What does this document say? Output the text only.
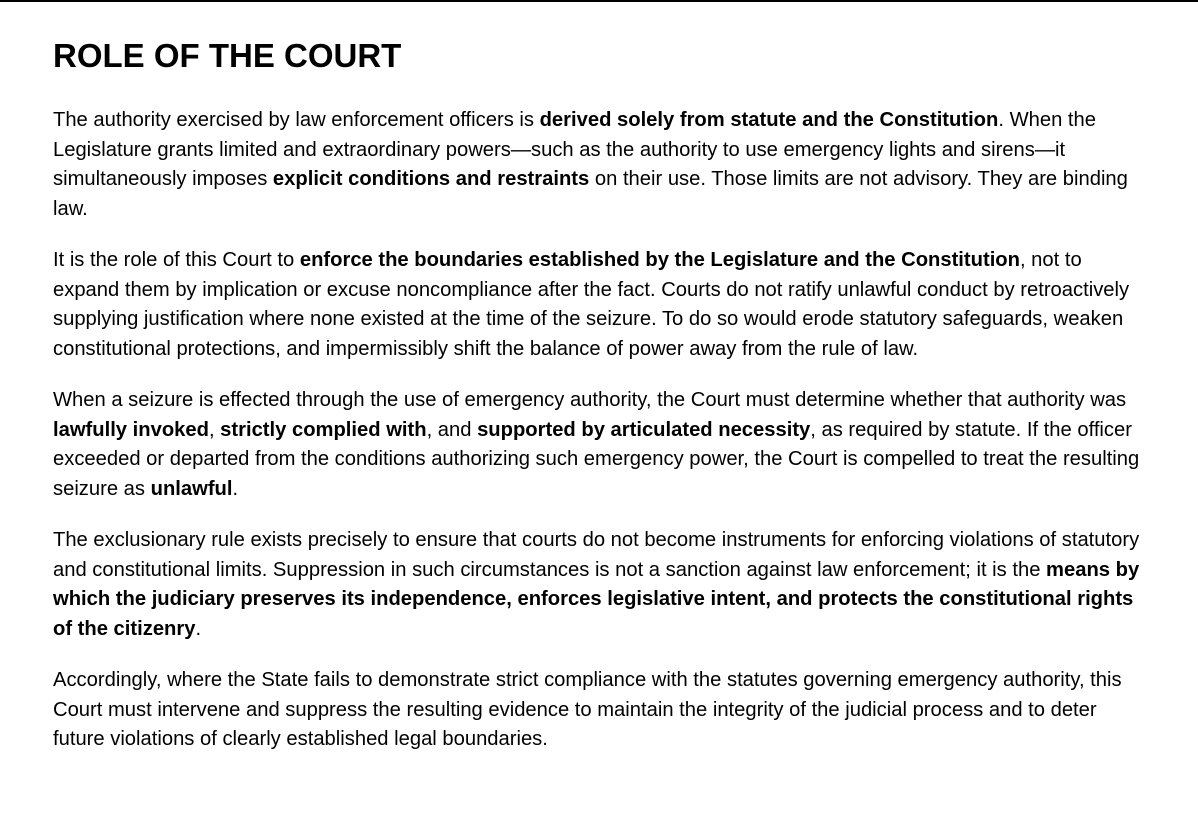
ROLE OF THE COURT

The authority exercised by law enforcement officers is derived solely from statute and the Constitution. When the Legislature grants limited and extraordinary powers—such as the authority to use emergency lights and sirens—it simultaneously imposes explicit conditions and restraints on their use. Those limits are not advisory. They are binding law.

It is the role of this Court to enforce the boundaries established by the Legislature and the Constitution, not to expand them by implication or excuse noncompliance after the fact. Courts do not ratify unlawful conduct by retroactively supplying justification where none existed at the time of the seizure. To do so would erode statutory safeguards, weaken constitutional protections, and impermissibly shift the balance of power away from the rule of law.

When a seizure is effected through the use of emergency authority, the Court must determine whether that authority was lawfully invoked, strictly complied with, and supported by articulated necessity, as required by statute. If the officer exceeded or departed from the conditions authorizing such emergency power, the Court is compelled to treat the resulting seizure as unlawful.

The exclusionary rule exists precisely to ensure that courts do not become instruments for enforcing violations of statutory and constitutional limits. Suppression in such circumstances is not a sanction against law enforcement; it is the means by which the judiciary preserves its independence, enforces legislative intent, and protects the constitutional rights of the citizenry.

Accordingly, where the State fails to demonstrate strict compliance with the statutes governing emergency authority, this Court must intervene and suppress the resulting evidence to maintain the integrity of the judicial process and to deter future violations of clearly established legal boundaries.
